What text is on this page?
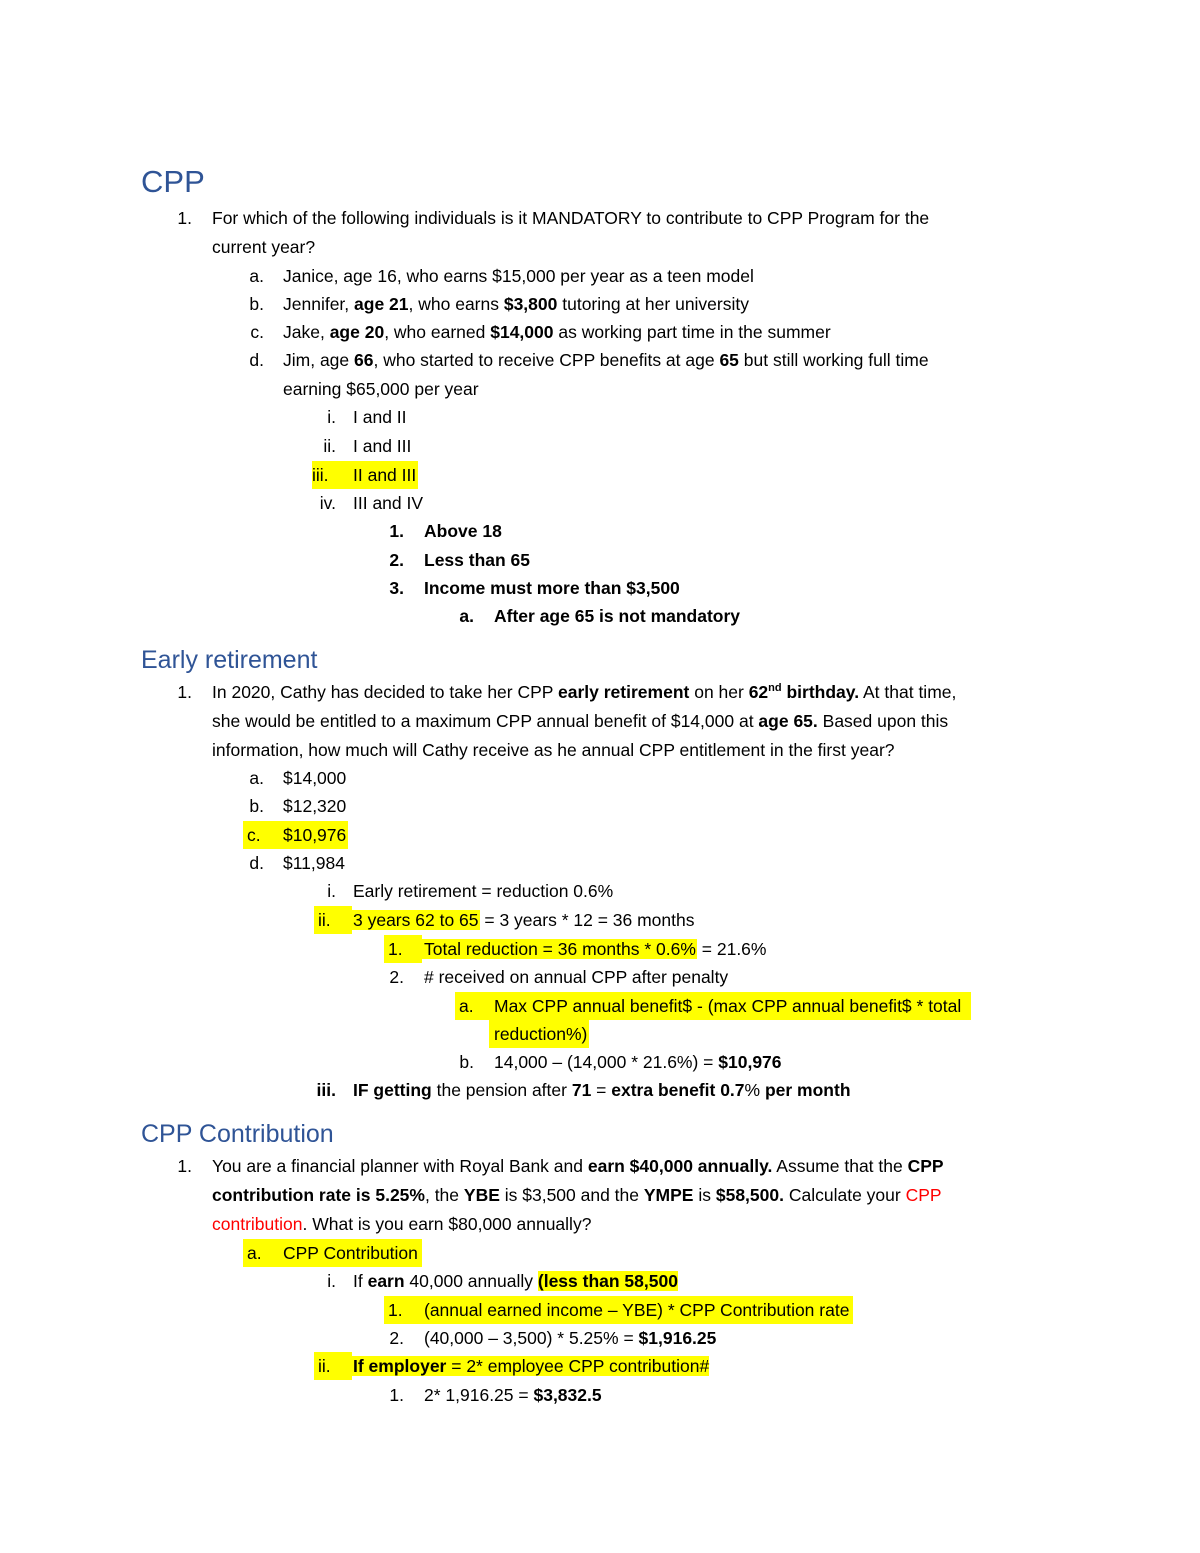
CPP
1. For which of the following individuals is it MANDATORY to contribute to CPP Program for the
current year?
a. Janice, age 16, who earns $15,000 per year as a teen model
b. Jennifer, age 21, who earns $3,800 tutoring at her university
c. Jake, age 20, who earned $14,000 as working part time in the summer
d. Jim, age 66, who started to receive CPP benefits at age 65 but still working full time
earning $65,000 per year
i. I and II
ii. I and III
iii.	II and III
iv. III and IV
1. Above 18
2. Less than 65
3. Income must more than $3,500
a. After age 65 is not mandatory
Early retirement
1. In 2020, Cathy has decided to take her CPP early retirement on her 62nd birthday. At that time,
she would be entitled to a maximum CPP annual benefit of $14,000 at age 65. Based upon this
information, how much will Cathy receive as he annual CPP entitlement in the first year?
a. $14,000
b. $12,320
c.	$10,976
d. $11,984
i. Early retirement = reduction 0.6%
ii.	3 years 62 to 65 = 3 years * 12 = 36 months
1.	Total reduction = 36 months * 0.6% = 21.6%
2. # received on annual CPP after penalty
a.	Max CPP annual benefit$ - (max CPP annual benefit$ * total
reduction%)
b. 14,000 – (14,000 * 21.6%) = $10,976
iii. IF getting the pension after 71 = extra benefit 0.7% per month
CPP Contribution
1. You are a financial planner with Royal Bank and earn $40,000 annually. Assume that the CPP
contribution rate is 5.25%, the YBE is $3,500 and the YMPE is $58,500. Calculate your CPP
contribution. What is you earn $80,000 annually?
a.	CPP Contribution
i. If earn 40,000 annually (less than 58,500
1.	(annual earned income – YBE) * CPP Contribution rate
2. (40,000 – 3,500) * 5.25% = $1,916.25
ii.	If employer = 2* employee CPP contribution#
1. 2* 1,916.25 = $3,832.5
